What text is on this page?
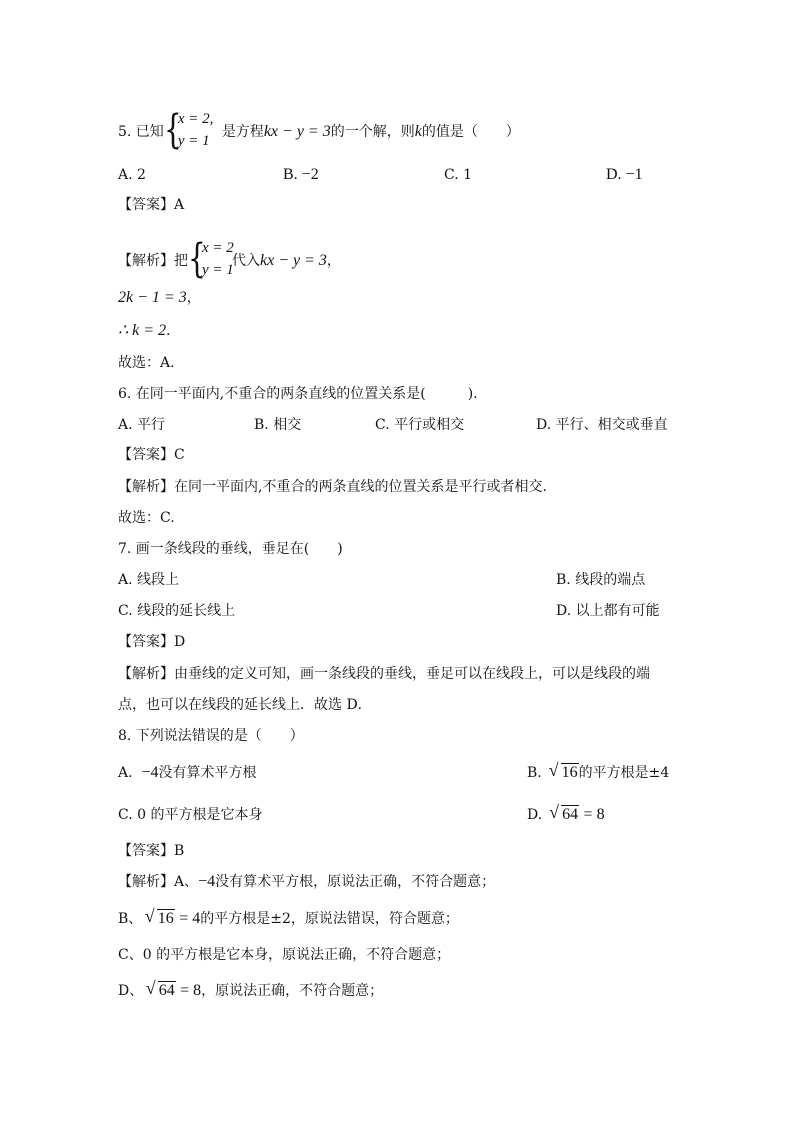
5. 已知 {
x = 2,
y = 1
是方程kx − y = 3的一个解，则k的值是（　　）
A. 2	B. −2	C. 1	D. −1
【答案】A
【解析】把 {
x = 2
y = 1
代入kx − y = 3，
2k − 1 = 3，
∴ k = 2．
故选：A．
6. 在同一平面内,不重合的两条直线的位置关系是(　　　).
A. 平行	B. 相交	C. 平行或相交	D. 平行、相交或垂直
【答案】C
【解析】在同一平面内,不重合的两条直线的位置关系是平行或者相交．
故选：C.
7. 画一条线段的垂线，垂足在(　　)
A. 线段上	B. 线段的端点
C. 线段的延长线上	D. 以上都有可能
【答案】D
【解析】由垂线的定义可知，画一条线段的垂线，垂足可以在线段上，可以是线段的端
点，也可以在线段的延长线上．故选 D．
8. 下列说法错误的是（　　）
A. −4没有算术平方根	B. √ 16的平方根是±4
C. 0 的平方根是它本身	D. √ 64 = 8
【答案】B
【解析】A、−4没有算术平方根，原说法正确，不符合题意；
B、 √ 16 = 4的平方根是±2，原说法错误，符合题意；
C、0 的平方根是它本身，原说法正确，不符合题意；
D、 √ 64 = 8，原说法正确，不符合题意；
